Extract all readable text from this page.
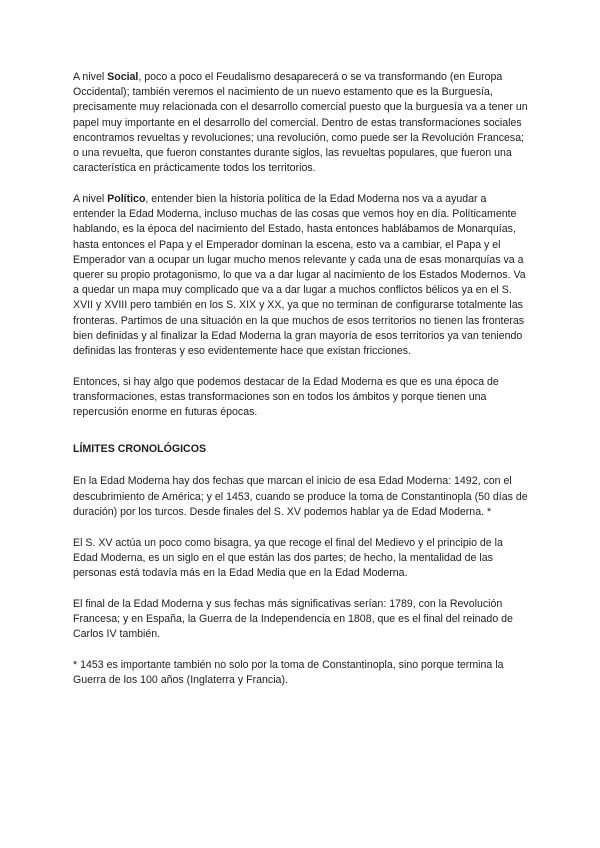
A nivel Social, poco a poco el Feudalismo desaparecerá o se va transformando (en Europa Occidental); también veremos el nacimiento de un nuevo estamento que es la Burguesía, precisamente muy relacionada con el desarrollo comercial puesto que la burguesía va a tener un papel muy importante en el desarrollo del comercial. Dentro de estas transformaciones sociales encontramos revueltas y revoluciones; una revolución, como puede ser la Revolución Francesa; o una revuelta, que fueron constantes durante siglos, las revueltas populares, que fueron una característica en prácticamente todos los territorios.

A nivel Político, entender bien la historia política de la Edad Moderna nos va a ayudar a entender la Edad Moderna, incluso muchas de las cosas que vemos hoy en día. Políticamente hablando, es la época del nacimiento del Estado, hasta entonces hablábamos de Monarquías, hasta entonces el Papa y el Emperador dominan la escena, esto va a cambiar, el Papa y el Emperador van a ocupar un lugar mucho menos relevante y cada una de esas monarquías va a querer su propio protagonismo, lo que va a dar lugar al nacimiento de los Estados Modernos. Va a quedar un mapa muy complicado que va a dar lugar a muchos conflictos bélicos ya en el S. XVII y XVIII pero también en los S. XIX y XX, ya que no terminan de configurarse totalmente las fronteras. Partimos de una situación en la que muchos de esos territorios no tienen las fronteras bien definidas y al finalizar la Edad Moderna la gran mayoría de esos territorios ya van teniendo definidas las fronteras y eso evidentemente hace que existan fricciones.

Entonces, si hay algo que podemos destacar de la Edad Moderna es que es una época de transformaciones, estas transformaciones son en todos los ámbitos y porque tienen una repercusión enorme en futuras épocas.

LÍMITES CRONOLÓGICOS

En la Edad Moderna hay dos fechas que marcan el inicio de esa Edad Moderna: 1492, con el descubrimiento de América; y el 1453, cuando se produce la toma de Constantinopla (50 días de duración) por los turcos. Desde finales del S. XV podemos hablar ya de Edad Moderna. *

El S. XV actúa un poco como bisagra, ya que recoge el final del Medievo y el principio de la Edad Moderna, es un siglo en el que están las dos partes; de hecho, la mentalidad de las personas está todavía más en la Edad Media que en la Edad Moderna.

El final de la Edad Moderna y sus fechas más significativas serían: 1789, con la Revolución Francesa; y en España, la Guerra de la Independencia en 1808, que es el final del reinado de Carlos IV también.

* 1453 es importante también no solo por la toma de Constantinopla, sino porque termina la Guerra de los 100 años (Inglaterra y Francia).
